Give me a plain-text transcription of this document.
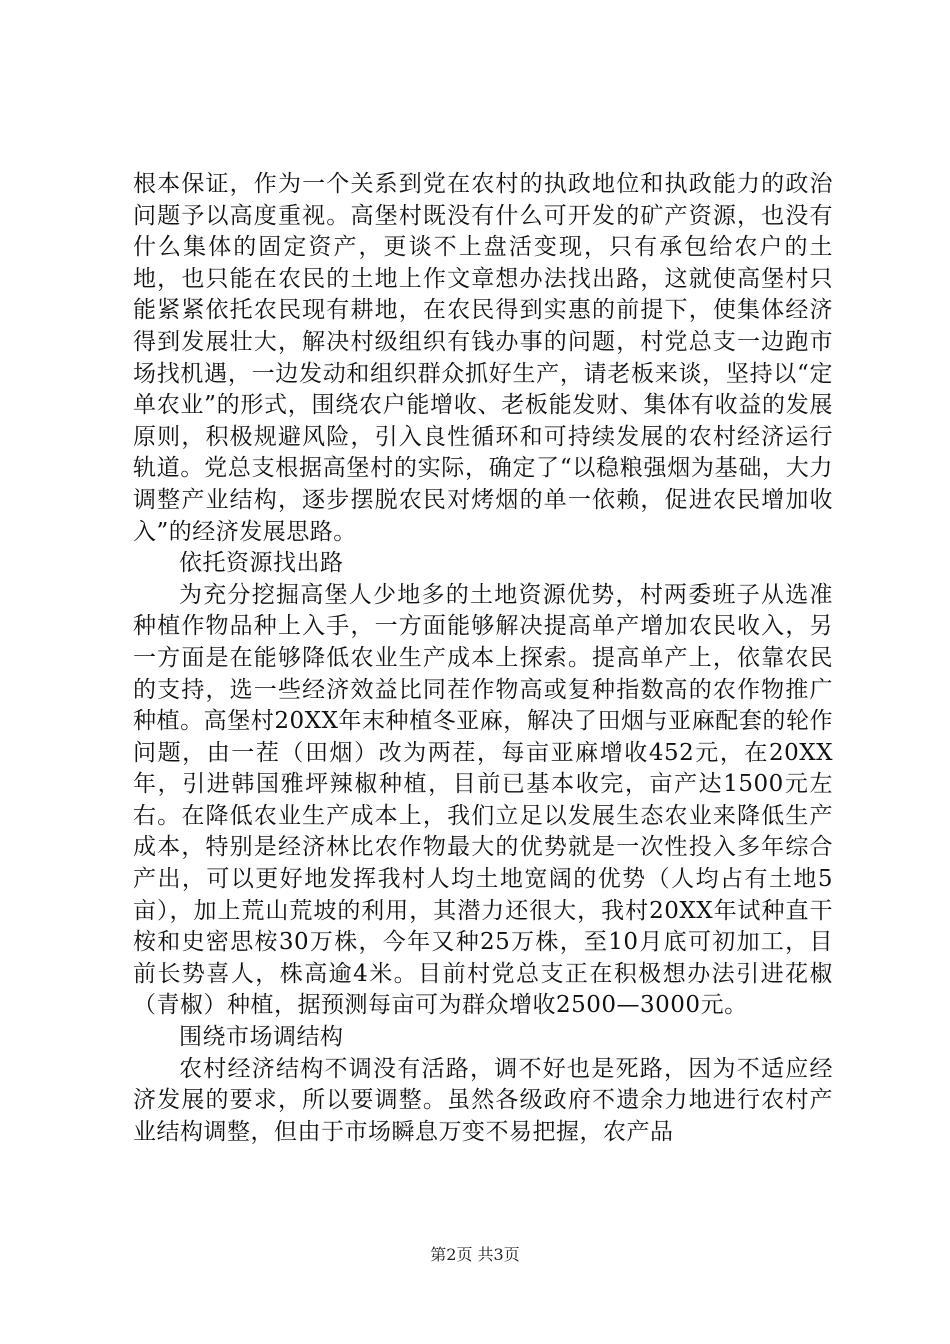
根本保证，作为一个关系到党在农村的执政地位和执政能力的政治问题予以高度重视。高堡村既没有什么可开发的矿产资源，也没有什么集体的固定资产，更谈不上盘活变现，只有承包给农户的土地，也只能在农民的土地上作文章想办法找出路，这就使高堡村只能紧紧依托农民现有耕地，在农民得到实惠的前提下，使集体经济得到发展壮大，解决村级组织有钱办事的问题，村党总支一边跑市场找机遇，一边发动和组织群众抓好生产，请老板来谈，坚持以“定单农业”的形式，围绕农户能增收、老板能发财、集体有收益的发展原则，积极规避风险，引入良性循环和可持续发展的农村经济运行轨道。党总支根据高堡村的实际，确定了“以稳粮强烟为基础，大力调整产业结构，逐步摆脱农民对烤烟的单一依赖，促进农民增加收入”的经济发展思路。

依托资源找出路

为充分挖掘高堡人少地多的土地资源优势，村两委班子从选准种植作物品种上入手，一方面能够解决提高单产增加农民收入，另一方面是在能够降低农业生产成本上探索。提高单产上，依靠农民的支持，选一些经济效益比同茬作物高或复种指数高的农作物推广种植。高堡村20XX年末种植冬亚麻，解决了田烟与亚麻配套的轮作问题，由一茬（田烟）改为两茬，每亩亚麻增收452元，在20XX年，引进韩国雅坪辣椒种植，目前已基本收完，亩产达1500元左右。在降低农业生产成本上，我们立足以发展生态农业来降低生产成本，特别是经济林比农作物最大的优势就是一次性投入多年综合产出，可以更好地发挥我村人均土地宽阔的优势（人均占有土地5亩），加上荒山荒坡的利用，其潜力还很大，我村20XX年试种直干桉和史密思桉30万株，今年又种25万株，至10月底可初加工，目前长势喜人，株高逾4米。目前村党总支正在积极想办法引进花椒（青椒）种植，据预测每亩可为群众增收2500—3000元。

围绕市场调结构

农村经济结构不调没有活路，调不好也是死路，因为不适应经济发展的要求，所以要调整。虽然各级政府不遗余力地进行农村产业结构调整，但由于市场瞬息万变不易把握，农产品

第2页 共3页
